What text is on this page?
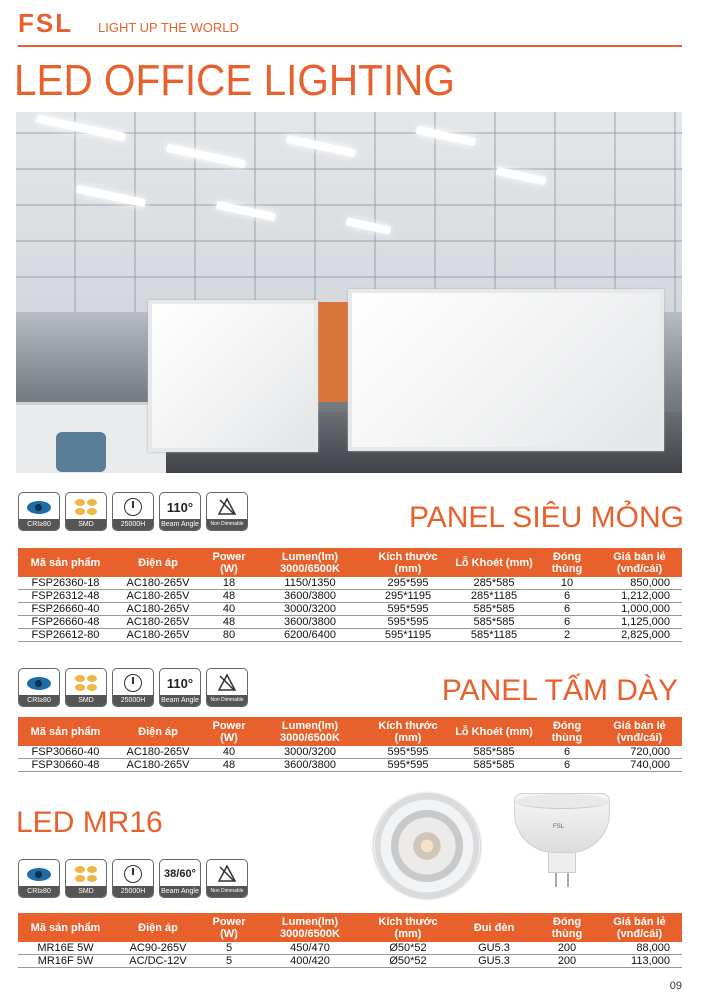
FSL LIGHT UP THE WORLD
LED OFFICE LIGHTING
CRI≥80	SMD	25000H
110°
Beam Angle	Non Dimmable	PANEL SIÊU MỎNG
Mã sản phẩm	Điện áp	Power (W)	Lumen(lm) 3000/6500K	Kích thước (mm)	Lỗ Khoét (mm)	Đóng thùng	Giá bán lẻ (vnđ/cái)
FSP26360-18	AC180-265V	18	1150/1350	295*595	285*585	10	850,000
FSP26312-48	AC180-265V	48	3600/3800	295*1195	285*1185	6	1,212,000
FSP26660-40	AC180-265V	40	3000/3200	595*595	585*585	6	1,000,000
FSP26660-48	AC180-265V	48	3600/3800	595*595	585*585	6	1,125,000
FSP26612-80	AC180-265V	80	6200/6400	595*1195	585*1185	2	2,825,000
CRI≥80	SMD	25000H
110°
Beam Angle	Non Dimmable	PANEL TẤM DÀY
Mã sản phẩm	Điện áp	Power (W)	Lumen(lm) 3000/6500K	Kích thước (mm)	Lỗ Khoét (mm)	Đóng thùng	Giá bán lẻ (vnđ/cái)
FSP30660-40	AC180-265V	40	3000/3200	595*595	585*585	6	720,000
FSP30660-48	AC180-265V	48	3600/3800	595*595	585*585	6	740,000
LED MR16	FSL
CRI≥80	SMD	25000H
38/60°
Beam Angle	Non Dimmable
Mã sản phẩm	Điện áp	Power (W)	Lumen(lm) 3000/6500K	Kích thước (mm)	Đui đèn	Đóng thùng	Giá bán lẻ (vnđ/cái)
MR16E 5W	AC90-265V	5	450/470	Ø50*52	GU5.3	200	88,000
MR16F 5W	AC/DC-12V	5	400/420	Ø50*52	GU5.3	200	113,000
09
